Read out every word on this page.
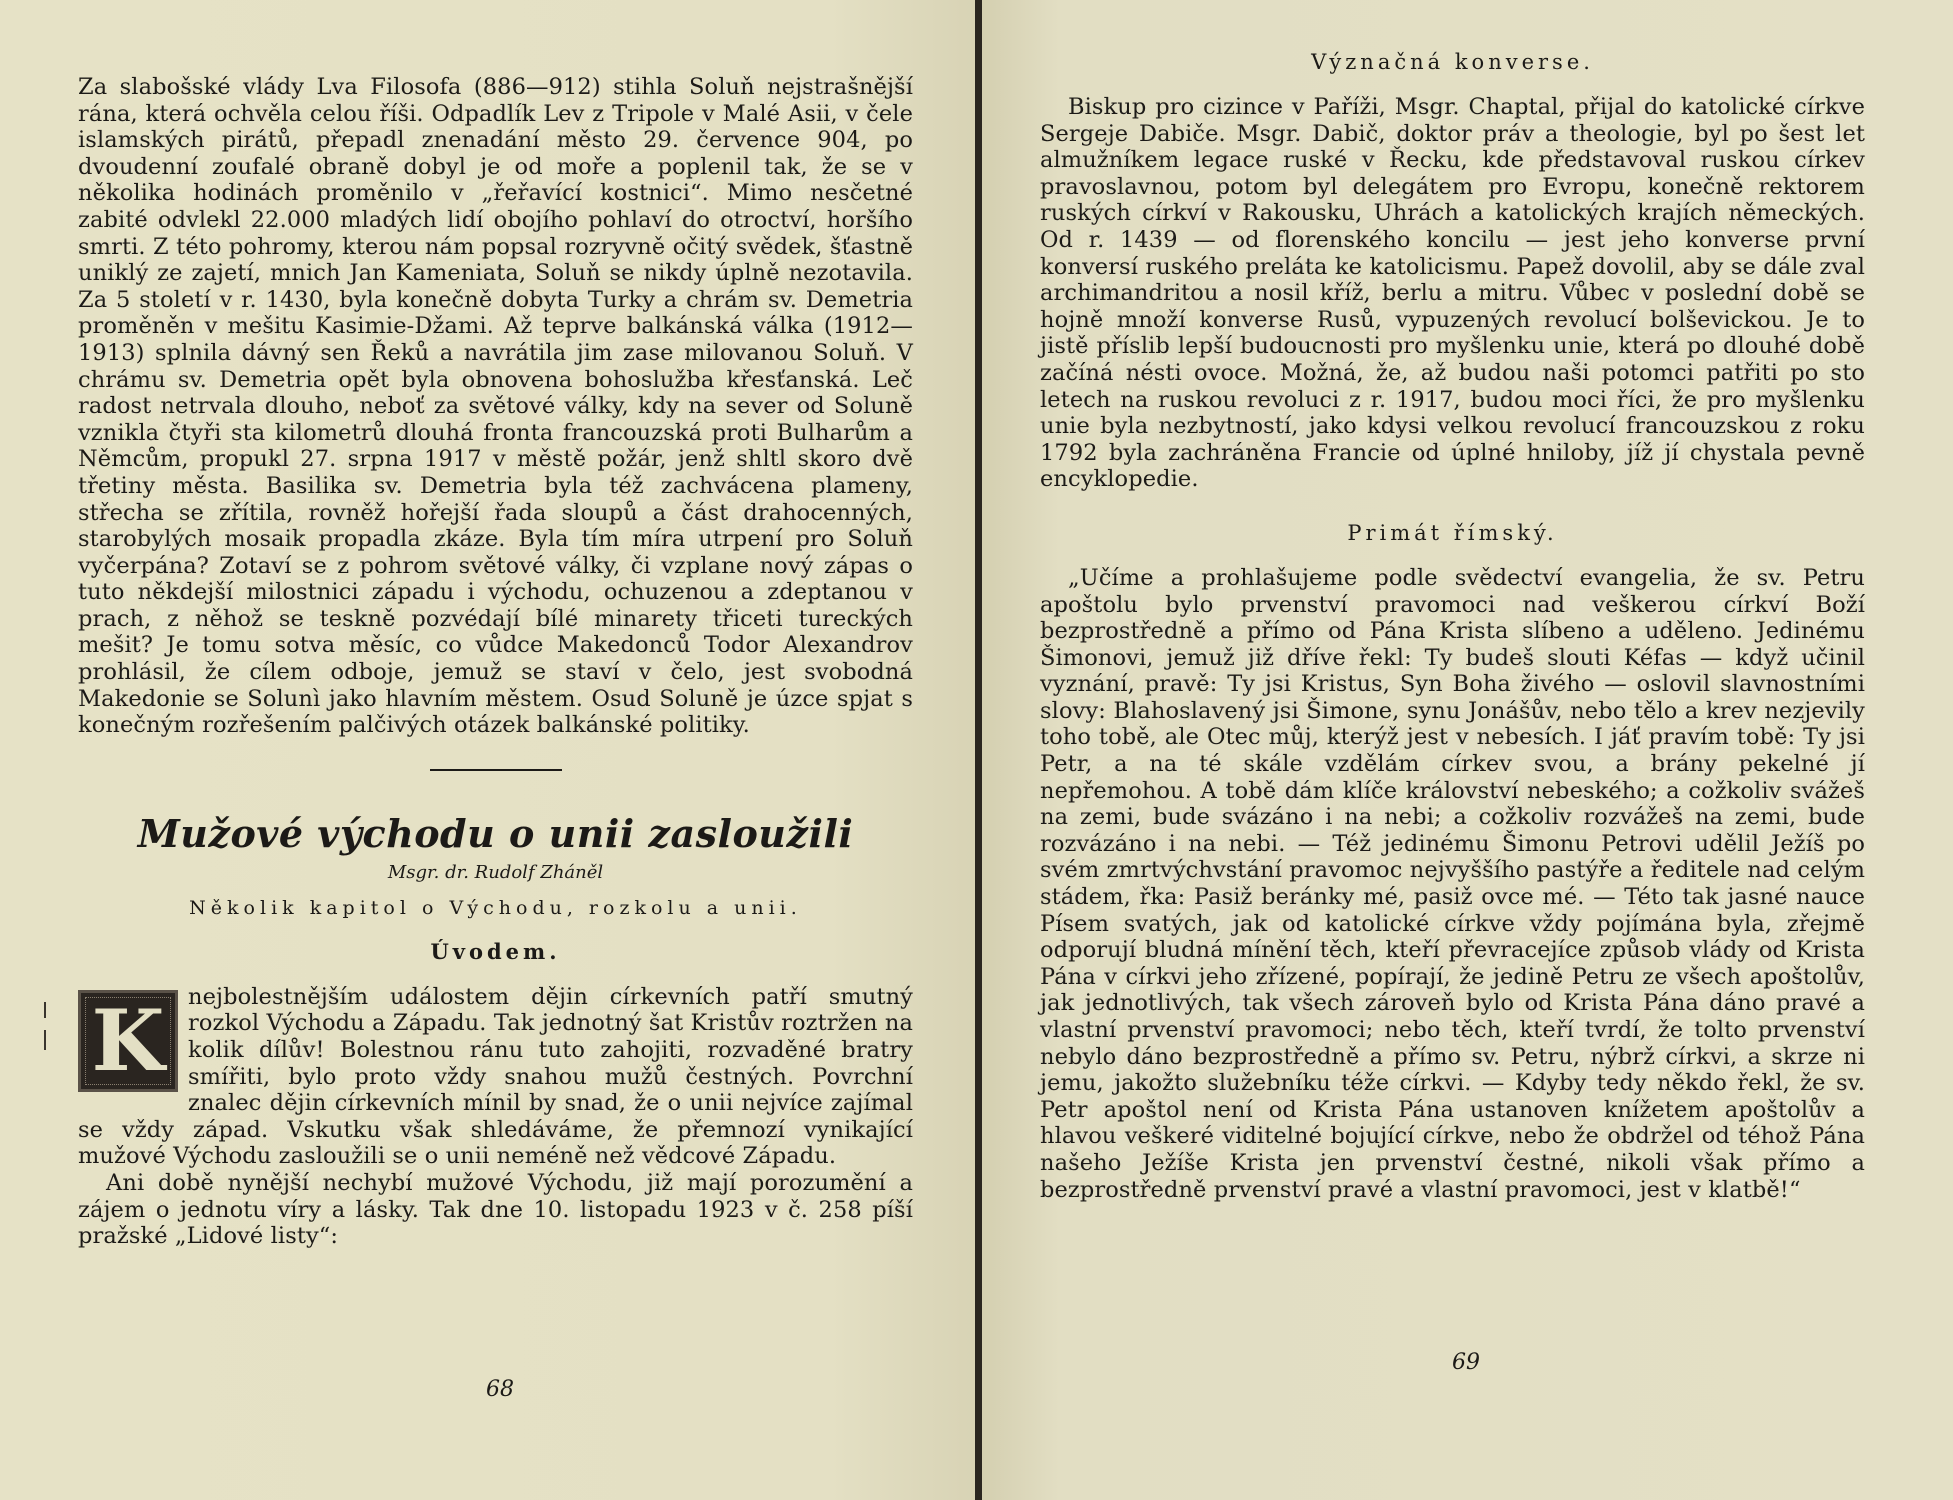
Za slabošské vlády Lva Filosofa (886—912) stihla Soluň nejstrašnější rána, která ochvěla celou říši. Odpadlík Lev z Tripole v Malé Asii, v čele islamských pirátů, přepadl znenadání město 29. července 904, po dvoudenní zoufalé obraně dobyl je od moře a poplenil tak, že se v několika hodinách proměnilo v „řeřavící kostnici“. Mimo nesčetné zabité odvlekl 22.000 mladých lidí obojího pohlaví do otroctví, horšího smrti. Z této pohromy, kterou nám popsal rozryvně očitý svědek, šťastně uniklý ze zajetí, mnich Jan Kameniata, Soluň se nikdy úplně nezotavila. Za 5 století v r. 1430, byla konečně dobyta Turky a chrám sv. Demetria proměněn v mešitu Kasimie-Džami. Až teprve balkánská válka (1912—1913) splnila dávný sen Řeků a navrátila jim zase milovanou Soluň. V chrámu sv. Demetria opět byla obnovena bohoslužba křesťanská. Leč radost netrvala dlouho, neboť za světové války, kdy na sever od Soluně vznikla čtyři sta kilometrů dlouhá fronta francouzská proti Bulharům a Němcům, propukl 27. srpna 1917 v městě požár, jenž shltl skoro dvě třetiny města. Basilika sv. Demetria byla též zachvácena plameny, střecha se zřítila, rovněž hořejší řada sloupů a část drahocenných, starobylých mosaik propadla zkáze. Byla tím míra utrpení pro Soluň vyčerpána? Zotaví se z pohrom světové války, či vzplane nový zápas o tuto někdejší milostnici západu i východu, ochuzenou a zdeptanou v prach, z něhož se teskně pozvédají bílé minarety třiceti tureckých mešit? Je tomu sotva měsíc, co vůdce Makedonců Todor Alexandrov prohlásil, že cílem odboje, jemuž se staví v čelo, jest svobodná Makedonie se Solunì jako hlavním městem. Osud Soluně je úzce spjat s konečným rozřešením palčivých otázek balkánské politiky.

Mužové východu o unii zasloužili
Msgr. dr. Rudolf Zháněl
Několik kapitol o Východu, rozkolu a unii.
Úvodem.
K	nejbolestnějším událostem dějin církevních patří smutný rozkol Východu a Západu. Tak jednotný šat Kristův roztržen na kolik dílův! Bolestnou ránu tuto zahojiti, rozvaděné bratry smířiti, bylo proto vždy snahou mužů čestných. Povrchní znalec dějin církevních mínil by snad, že o unii nejvíce zajímal se vždy západ. Vskutku však shledáváme, že přemnozí vynikající mužové Východu zasloužili se o unii neméně než vědcové Západu.

Ani době nynější nechybí mužové Východu, již mají porozumění a zájem o jednotu víry a lásky. Tak dne 10. listopadu 1923 v č. 258 píší pražské „Lidové listy“:

68
Význačná konverse.

Biskup pro cizince v Paříži, Msgr. Chaptal, přijal do katolické církve Sergeje Dabiče. Msgr. Dabič, doktor práv a theologie, byl po šest let almužníkem legace ruské v Řecku, kde představoval ruskou církev pravoslavnou, potom byl delegátem pro Evropu, konečně rektorem ruských církví v Rakousku, Uhrách a katolických krajích německých. Od r. 1439 — od florenského koncilu — jest jeho konverse první konversí ruského preláta ke katolicismu. Papež dovolil, aby se dále zval archimandritou a nosil kříž, berlu a mitru. Vůbec v poslední době se hojně množí konverse Rusů, vypuzených revolucí bolševickou. Je to jistě příslib lepší budoucnosti pro myšlenku unie, která po dlouhé době začíná nésti ovoce. Možná, že, až budou naši potomci patřiti po sto letech na ruskou revoluci z r. 1917, budou moci říci, že pro myšlenku unie byla nezbytností, jako kdysi velkou revolucí francouzskou z roku 1792 byla zachráněna Francie od úplné hniloby, jíž jí chystala pevně encyklopedie.

Primát římský.

„Učíme a prohlašujeme podle svědectví evangelia, že sv. Petru apoštolu bylo prvenství pravomoci nad veškerou církví Boží bezprostředně a přímo od Pána Krista slíbeno a uděleno. Jedinému Šimonovi, jemuž již dříve řekl: Ty budeš slouti Kéfas — když učinil vyznání, pravě: Ty jsi Kristus, Syn Boha živého — oslovil slavnostními slovy: Blahoslavený jsi Šimone, synu Jonášův, nebo tělo a krev nezjevily toho tobě, ale Otec můj, kterýž jest v nebesích. I jáť pravím tobě: Ty jsi Petr, a na té skále vzdělám církev svou, a brány pekelné jí nepřemohou. A tobě dám klíče království nebeského; a cožkoliv svážeš na zemi, bude svázáno i na nebi; a cožkoliv rozvážeš na zemi, bude rozvázáno i na nebi. — Též jedinému Šimonu Petrovi udělil Ježíš po svém zmrtvýchvstání pravomoc nejvyššího pastýře a ředitele nad celým stádem, řka: Pasiž beránky mé, pasiž ovce mé. — Této tak jasné nauce Písem svatých, jak od katolické církve vždy pojímána byla, zřejmě odporují bludná mínění těch, kteří převracejíce způsob vlády od Krista Pána v církvi jeho zřízené, popírají, že jedině Petru ze všech apoštolův, jak jednotlivých, tak všech zároveň bylo od Krista Pána dáno pravé a vlastní prvenství pravomoci; nebo těch, kteří tvrdí, že tolto prvenství nebylo dáno bezprostředně a přímo sv. Petru, nýbrž církvi, a skrze ni jemu, jakožto služebníku téže církvi. — Kdyby tedy někdo řekl, že sv. Petr apoštol není od Krista Pána ustanoven knížetem apoštolův a hlavou veškeré viditelné bojující církve, nebo že obdržel od téhož Pána našeho Ježíše Krista jen prvenství čestné, nikoli však přímo a bezprostředně prvenství pravé a vlastní pravomoci, jest v klatbě!“

69
